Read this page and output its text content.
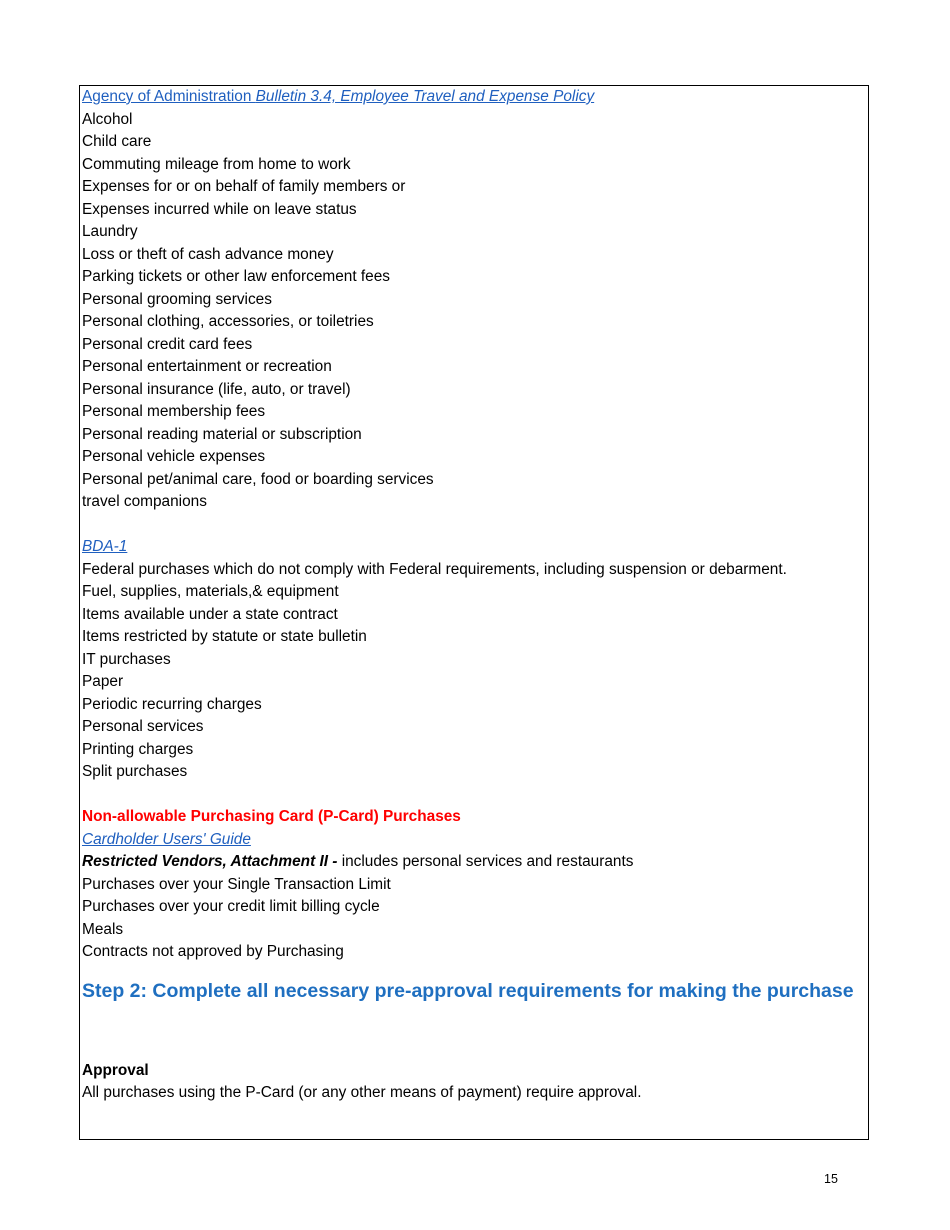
Agency of Administration Bulletin 3.4, Employee Travel and Expense Policy
Alcohol
Child care
Commuting mileage from home to work
Expenses for or on behalf of family members or
Expenses incurred while on leave status
Laundry
Loss or theft of cash advance money
Parking tickets or other law enforcement fees
Personal grooming services
Personal clothing, accessories, or toiletries
Personal credit card fees
Personal entertainment or recreation
Personal insurance (life, auto, or travel)
Personal membership fees
Personal reading material or subscription
Personal vehicle expenses
Personal pet/animal care, food or boarding services
travel companions
BDA-1
Federal purchases which do not comply with Federal requirements, including suspension or debarment.
Fuel, supplies, materials,& equipment
Items available under a state contract
Items restricted by statute or state bulletin
IT purchases
Paper
Periodic recurring charges
Personal services
Printing charges
Split purchases
Non-allowable Purchasing Card (P-Card) Purchases
Cardholder Users' Guide
Restricted Vendors, Attachment II - includes personal services and restaurants
Purchases over your Single Transaction Limit
Purchases over your credit limit billing cycle
Meals
Contracts not approved by Purchasing
Step 2: Complete all necessary pre-approval requirements for making the purchase
Approval
All purchases using the P-Card (or any other means of payment) require approval.
15
